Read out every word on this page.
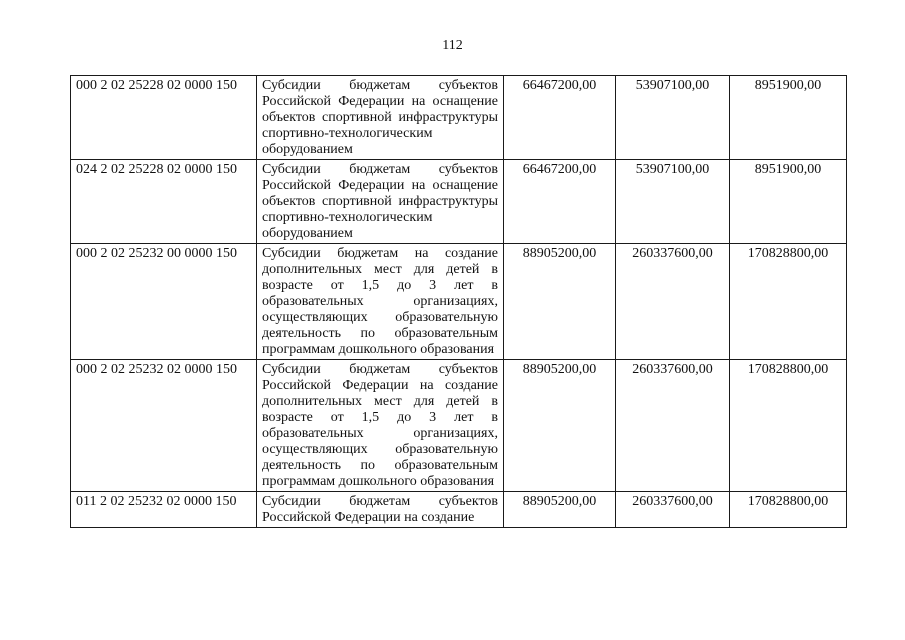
112
000 2 02 25228 02 0000 150	Субсидии бюджетам субъектов Российской Федерации на оснащение объектов спортивной инфраструктуры спортивно-технологическим оборудованием	66467200,00	53907100,00	8951900,00
024 2 02 25228 02 0000 150	Субсидии бюджетам субъектов Российской Федерации на оснащение объектов спортивной инфраструктуры спортивно-технологическим оборудованием	66467200,00	53907100,00	8951900,00
000 2 02 25232 00 0000 150	Субсидии бюджетам на создание дополнительных мест для детей в возрасте от 1,5 до 3 лет в образовательных организациях, осуществляющих образовательную деятельность по образовательным программам дошкольного образования	88905200,00	260337600,00	170828800,00
000 2 02 25232 02 0000 150	Субсидии бюджетам субъектов Российской Федерации на создание дополнительных мест для детей в возрасте от 1,5 до 3 лет в образовательных организациях, осуществляющих образовательную деятельность по образовательным программам дошкольного образования	88905200,00	260337600,00	170828800,00
011 2 02 25232 02 0000 150	Субсидии бюджетам субъектов Российской Федерации на создание	88905200,00	260337600,00	170828800,00
